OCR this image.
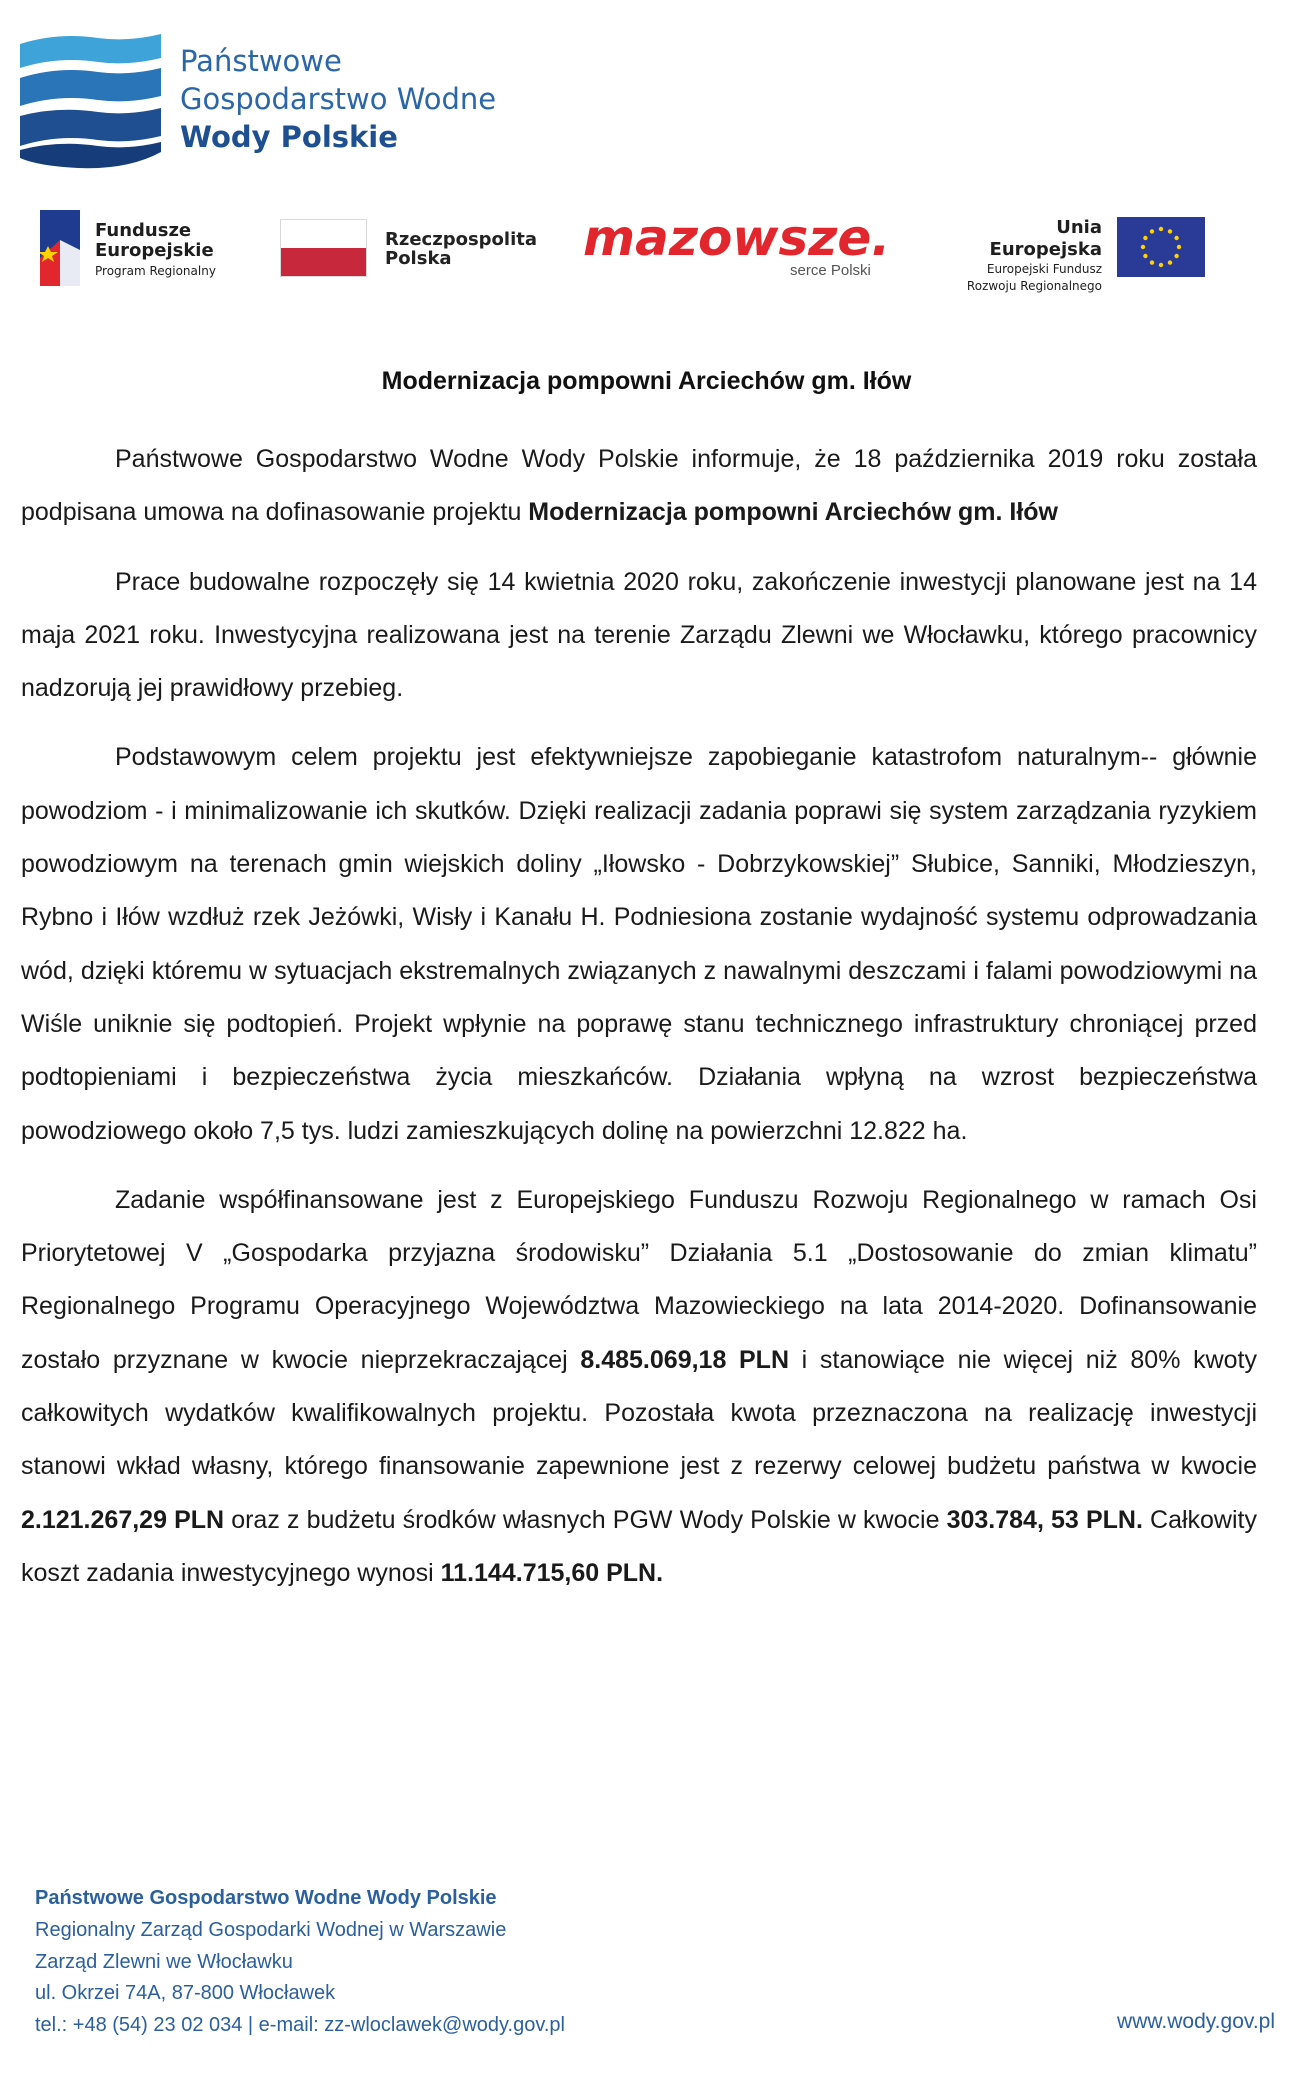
Państwowe
Gospodarstwo Wodne
Wody Polskie
Fundusze
Europejskie
Program Regionalny
Rzeczpospolita
Polska	mazowsze.
serce Polski
Unia Europejska
Europejski Fundusz
Rozwoju Regionalnego
Modernizacja pompowni Arciechów gm. Iłów

Państwowe Gospodarstwo Wodne Wody Polskie informuje, że 18 października 2019 roku została podpisana umowa na dofinasowanie projektu Modernizacja pompowni Arciechów gm. Iłów

Prace budowalne rozpoczęły się 14 kwietnia 2020 roku, zakończenie inwestycji planowane jest na 14 maja 2021 roku. Inwestycyjna realizowana jest na terenie Zarządu Zlewni we Włocławku, którego pracownicy nadzorują jej prawidłowy przebieg.

Podstawowym celem projektu jest efektywniejsze zapobieganie katastrofom naturalnym-- głównie powodziom - i minimalizowanie ich skutków. Dzięki realizacji zadania poprawi się system zarządzania ryzykiem powodziowym na terenach gmin wiejskich doliny „Iłowsko - Dobrzykowskiej” Słubice, Sanniki, Młodzieszyn, Rybno i Iłów wzdłuż rzek Jeżówki, Wisły i Kanału H. Podniesiona zostanie wydajność systemu odprowadzania wód, dzięki któremu w sytuacjach ekstremalnych związanych z nawalnymi deszczami i falami powodziowymi na Wiśle uniknie się podtopień. Projekt wpłynie na poprawę stanu technicznego infrastruktury chroniącej przed podtopieniami i bezpieczeństwa życia mieszkańców. Działania wpłyną na wzrost bezpieczeństwa powodziowego około 7,5 tys. ludzi zamieszkujących dolinę na powierzchni 12.822 ha.

Zadanie współfinansowane jest z Europejskiego Funduszu Rozwoju Regionalnego w ramach Osi Priorytetowej V „Gospodarka przyjazna środowisku” Działania 5.1 „Dostosowanie do zmian klimatu” Regionalnego Programu Operacyjnego Województwa Mazowieckiego na lata 2014-2020. Dofinansowanie zostało przyznane w kwocie nieprzekraczającej 8.485.069,18 PLN i stanowiące nie więcej niż 80% kwoty całkowitych wydatków kwalifikowalnych projektu. Pozostała kwota przeznaczona na realizację inwestycji stanowi wkład własny, którego finansowanie zapewnione jest z rezerwy celowej budżetu państwa w kwocie 2.121.267,29 PLN oraz z budżetu środków własnych PGW Wody Polskie w kwocie 303.784, 53 PLN. Całkowity koszt zadania inwestycyjnego wynosi 11.144.715,60 PLN.

Państwowe Gospodarstwo Wodne Wody Polskie
Regionalny Zarząd Gospodarki Wodnej w Warszawie
Zarząd Zlewni we Włocławku
ul. Okrzei 74A, 87-800 Włocławek
tel.: +48 (54) 23 02 034 | e-mail: zz-wloclawek@wody.gov.pl	www.wody.gov.pl
